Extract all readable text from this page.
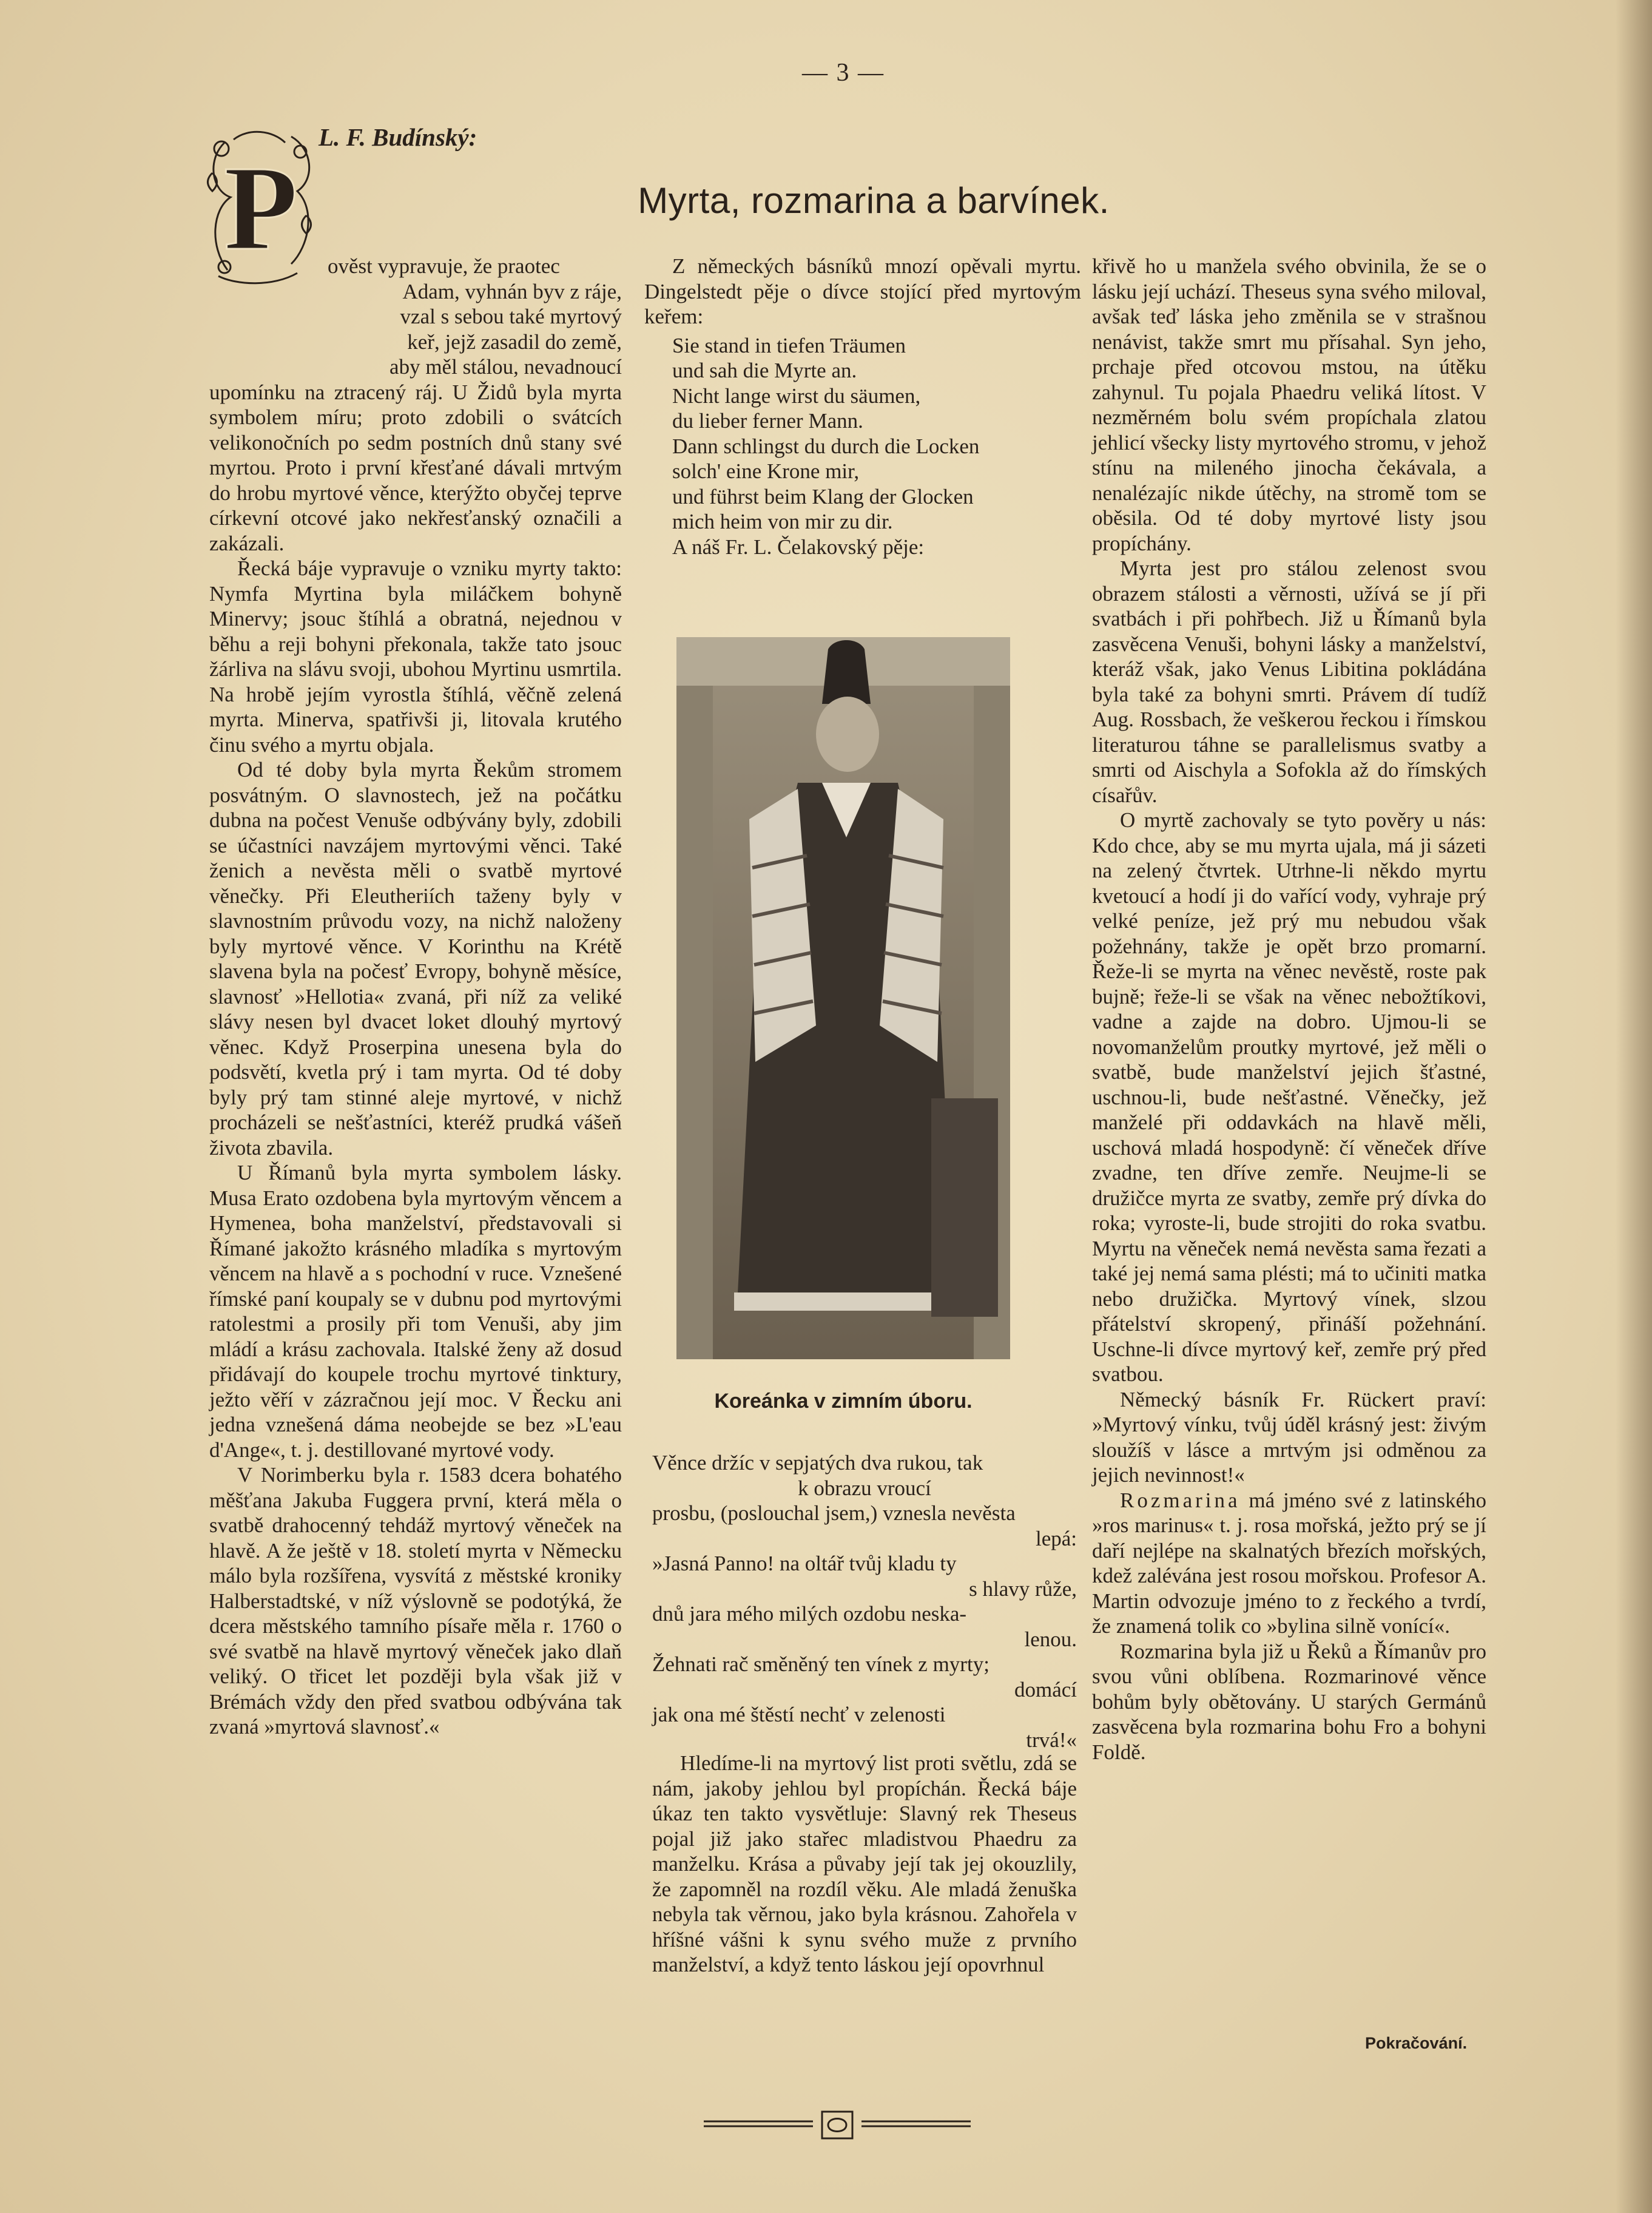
— 3 —
L. F. Budínský:
Myrta, rozmarina a barvínek.
P ověst vypravuje, že praotec
Adam, vyhnán byv z ráje,
vzal s sebou také myrtový
keř, jejž zasadil do země,
aby měl stálou, nevadnoucí

upomínku na ztracený ráj. U Židů byla myrta symbolem míru; proto zdobili o svátcích velikonočních po sedm postních dnů stany své myrtou. Proto i první křesťané dávali mrtvým do hrobu myrtové věnce, kterýžto obyčej teprve církevní otcové jako nekřesťanský označili a zakázali.

Řecká báje vypravuje o vzniku myrty takto: Nymfa Myrtina byla miláčkem bohyně Minervy; jsouc štíhlá a obratná, nejednou v běhu a reji bohyni překonala, takže tato jsouc žárliva na slávu svoji, ubohou Myrtinu usmrtila. Na hrobě jejím vyrostla štíhlá, věčně zelená myrta. Minerva, spatřivši ji, litovala krutého činu svého a myrtu objala.

Od té doby byla myrta Řekům stromem posvátným. O slavnostech, jež na počátku dubna na počest Venuše odbývány byly, zdobili se účastníci navzájem myrtovými věnci. Také ženich a nevěsta měli o svatbě myrtové věnečky. Při Eleutheriích taženy byly v slavnostním průvodu vozy, na nichž naloženy byly myrtové věnce. V Korinthu na Krétě slavena byla na počesť Evropy, bohyně měsíce, slavnosť »Hellotia« zvaná, při níž za veliké slávy nesen byl dvacet loket dlouhý myrtový věnec. Když Proserpina unesena byla do podsvětí, kvetla prý i tam myrta. Od té doby byly prý tam stinné aleje myrtové, v nichž procházeli se nešťastníci, kteréž prudká vášeň života zbavila.

U Římanů byla myrta symbolem lásky. Musa Erato ozdobena byla myrtovým věncem a Hymenea, boha manželství, představovali si Římané jakožto krásného mladíka s myrtovým věncem na hlavě a s pochodní v ruce. Vznešené římské paní koupaly se v dubnu pod myrtovými ratolestmi a prosily při tom Venuši, aby jim mládí a krásu zachovala. Italské ženy až dosud přidávají do koupele trochu myrtové tinktury, ježto věří v zázračnou její moc. V Řecku ani jedna vznešená dáma neobejde se bez »L'eau d'Ange«, t. j. destillované myrtové vody.

V Norimberku byla r. 1583 dcera bohatého měšťana Jakuba Fuggera první, která měla o svatbě drahocenný tehdáž myrtový věneček na hlavě. A že ještě v 18. století myrta v Německu málo byla rozšířena, vysvítá z městské kroniky Halberstadtské, v níž výslovně se podotýká, že dcera městského tamního písaře měla r. 1760 o své svatbě na hlavě myrtový věneček jako dlaň veliký. O třicet let později byla však již v Brémách vždy den před svatbou odbývána tak zvaná »myrtová slavnosť.«

Z německých básníků mnozí opěvali myrtu. Dingelstedt pěje o dívce stojící před myrtovým keřem:

Sie stand in tiefen Träumen
und sah die Myrte an.
Nicht lange wirst du säumen,
du lieber ferner Mann.
Dann schlingst du durch die Locken
solch' eine Krone mir,
und führst beim Klang der Glocken
mich heim von mir zu dir.

A náš Fr. L. Čelakovský pěje:

Koreánka v zimním úboru.
Věnce držíc v sepjatých dva rukou, tak
k obrazu vroucí
prosbu, (poslouchal jsem,) vznesla nevěsta
lepá:
»Jasná Panno! na oltář tvůj kladu ty
s hlavy růže,
dnů jara mého milých ozdobu neska-
lenou.
Žehnati rač směněný ten vínek z myrty;
domácí
jak ona mé štěstí nechť v zelenosti
trvá!«

Hledíme-li na myrtový list proti světlu, zdá se nám, jakoby jehlou byl propíchán. Řecká báje úkaz ten takto vysvětluje: Slavný rek Theseus pojal již jako stařec mladistvou Phaedru za manželku. Krása a půvaby její tak jej okouzlily, že zapomněl na rozdíl věku. Ale mladá ženuška nebyla tak věrnou, jako byla krásnou. Zahořela v hříšné vášni k synu svého muže z prvního manželství, a když tento láskou její opovrhnul

křivě ho u manžela svého obvinila, že se o lásku její uchází. Theseus syna svého miloval, avšak teď láska jeho změnila se v strašnou nenávist, takže smrt mu přísahal. Syn jeho, prchaje před otcovou mstou, na útěku zahynul. Tu pojala Phaedru veliká lítost. V nezměrném bolu svém propíchala zlatou jehlicí všecky listy myrtového stromu, v jehož stínu na mileného jinocha čekávala, a nenalézajíc nikde útěchy, na stromě tom se oběsila. Od té doby myrtové listy jsou propíchány.

Myrta jest pro stálou zelenost svou obrazem stálosti a věrnosti, užívá se jí při svatbách i při pohřbech. Již u Římanů byla zasvěcena Venuši, bohyni lásky a manželství, kteráž však, jako Venus Libitina pokládána byla také za bohyni smrti. Právem dí tudíž Aug. Rossbach, že veškerou řeckou i římskou literaturou táhne se parallelismus svatby a smrti od Aischyla a Sofokla až do římských císařův.

O myrtě zachovaly se tyto pověry u nás: Kdo chce, aby se mu myrta ujala, má ji sázeti na zelený čtvrtek. Utrhne-li někdo myrtu kvetoucí a hodí ji do vařící vody, vyhraje prý velké peníze, jež prý mu nebudou však požehnány, takže je opět brzo promarní. Řeže-li se myrta na věnec nevěstě, roste pak bujně; řeže-li se však na věnec nebožtíkovi, vadne a zajde na dobro. Ujmou-li se novomanželům proutky myrtové, jež měli o svatbě, bude manželství jejich šťastné, uschnou-li, bude nešťastné. Věnečky, jež manželé při oddavkách na hlavě měli, uschová mladá hospodyně: čí věneček dříve zvadne, ten dříve zemře. Neujme-li se družičce myrta ze svatby, zemře prý dívka do roka; vyroste-li, bude strojiti do roka svatbu. Myrtu na věneček nemá nevěsta sama řezati a také jej nemá sama plésti; má to učiniti matka nebo družička. Myrtový vínek, slzou přátelství skropený, přináší požehnání. Uschne-li dívce myrtový keř, zemře prý před svatbou.

Německý básník Fr. Rückert praví: »Myrtový vínku, tvůj úděl krásný jest: živým sloužíš v lásce a mrtvým jsi odměnou za jejich nevinnost!«

Rozmarina má jméno své z latinského »ros marinus« t. j. rosa mořská, ježto prý se jí daří nejlépe na skalnatých březích mořských, kdež zalévána jest rosou mořskou. Profesor A. Martin odvozuje jméno to z řeckého a tvrdí, že znamená tolik co »bylina silně vonící«.

Rozmarina byla již u Řeků a Římanův pro svou vůni oblíbena. Rozmarinové věnce bohům byly obětovány. U starých Germánů zasvěcena byla rozmarina bohu Fro a bohyni Foldě.

Pokračování.
